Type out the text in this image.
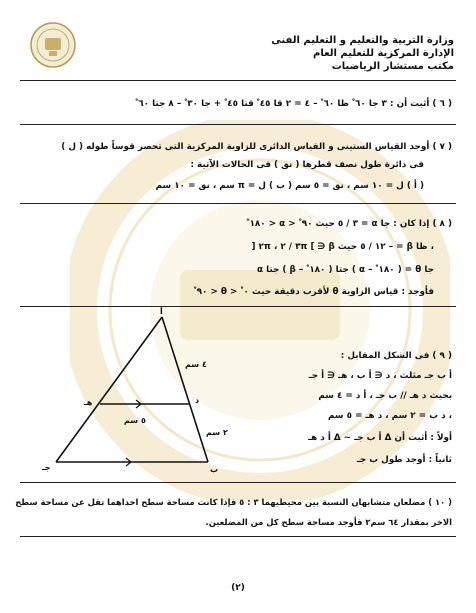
وزارة التربية والتعليم و التعليم الفنى
الإدارة المركزية للتعليم العام
مكتب مستشار الرياضيات
( ٦ ) أثبت أن : ٣ جا ٦٠ ْ ظا ٦٠ ْ – ٤ = ٢ قا ٤٥ ْ قتا ٤٥ ْ + جا ٣٠ ْ – ٨ جتا ٦٠ ْ
( ٧ ) أوجد القياس الستينى و القياس الدائرى للزاوية المركزية التى تحصر قوساً طوله ( ل )
فى دائرة طول نصف قطرها ( نق ) فى الحالات الآتية :
( أ ) ل = ١٠ سم ، نق = ٥ سم ( ب ) ل = π سم ، نق = ١٠ سم
( ٨ ) إذا كان : جا α = ٣ / ٥ حيث ٩٠ ْ < α < ١٨٠ ْ
، ظا β = – ١٢ / ٥ حيث β ∈ ] ٣π / ٢ ، ٢π [
جا θ = ( ١٨٠ ْ – α ) جتا ( ١٨٠ ْ – β ) جتا α
فأوجد : قياس الزاوية θ لأقرب دقيقة حيث ٠ ْ < θ < ٩٠ ْ
( ٩ ) فى الشكل المقابل :
أ ب جـ مثلث ، د ∈ أ ب ، هـ ∈ أ جـ
بحيث د هـ // ب جـ ، أ د = ٤ سم
، د ب = ٢ سم ، د هـ = ٥ سم
أولاً : أثبت أن Δ أ ب جـ ~ Δ أ د هـ
ثانياً : أوجد طول ب جـ
أ
ب
جـ
د
هـ
٤ سم
٢ سم
٥ سم
( ١٠ ) مضلعان متشابهان النسبة بين محيطيهما ٣ : ٥ فإذا كانت مساحة سطح احداهما تقل عن مساحة سطح
الاخر بمقدار ٦٤ سم٢ فأوجد مساحة سطح كل من المضلعين.
(٢)
